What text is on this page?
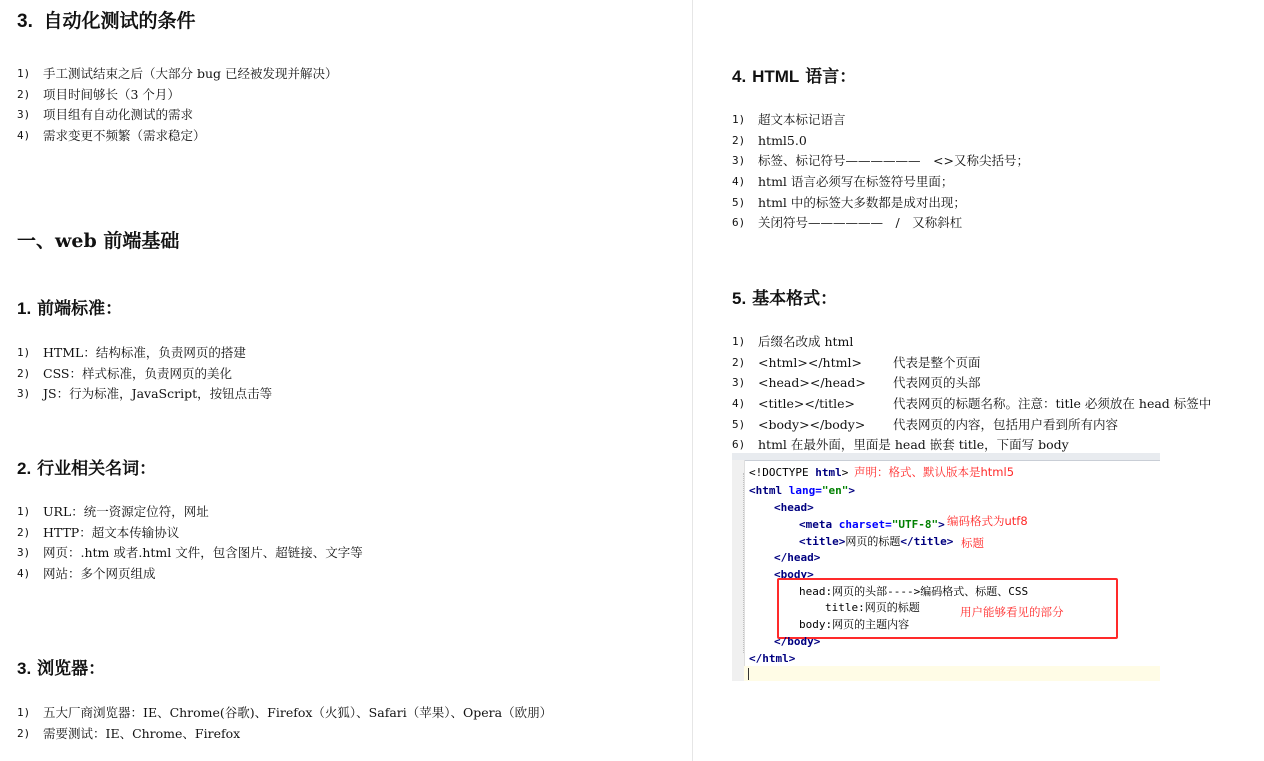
3. 自动化测试的条件
1) 手工测试结束之后（大部分 bug 已经被发现并解决）
2) 项目时间够长（3 个月）
3) 项目组有自动化测试的需求
4) 需求变更不频繁（需求稳定）
一、web 前端基础
1. 前端标准：
1) HTML：结构标准，负责网页的搭建
2) CSS：样式标准，负责网页的美化
3) JS：行为标准，JavaScript，按钮点击等
2. 行业相关名词：
1) URL：统一资源定位符，网址
2) HTTP：超文本传输协议
3) 网页：.htm 或者.html 文件，包含图片、超链接、文字等
4) 网站：多个网页组成
3. 浏览器：
1) 五大厂商浏览器：IE、Chrome(谷歌)、Firefox（火狐）、Safari（苹果）、Opera（欧朋）
2) 需要测试：IE、Chrome、Firefox
4. HTML 语言：
1) 超文本标记语言
2) html5.0
3) 标签、标记符号——————　<>又称尖括号；
4) html 语言必须写在标签符号里面；
5) html 中的标签大多数都是成对出现；
6) 关闭符号——————　/　又称斜杠
5. 基本格式：
1) 后缀名改成 html
2) <html></html> 代表是整个页面
3) <head></head> 代表网页的头部
4) <title></title>	代表网页的标题名称。注意：title 必须放在 head 标签中
5) <body></body> 代表网页的内容，包括用户看到所有内容
6) html 在最外面，里面是 head 嵌套 title，下面写 body
<!DOCTYPE html> 声明：格式、默认版本是html5
<html lang="en">
<head>
<meta charset="UTF-8"> 编码格式为utf8
<title>网页的标题</title> 标题
</head>
<body>
head:网页的头部---->编码格式、标题、CSS
title:网页的标题
body:网页的主题内容
用户能够看见的部分
</body>
</html>
